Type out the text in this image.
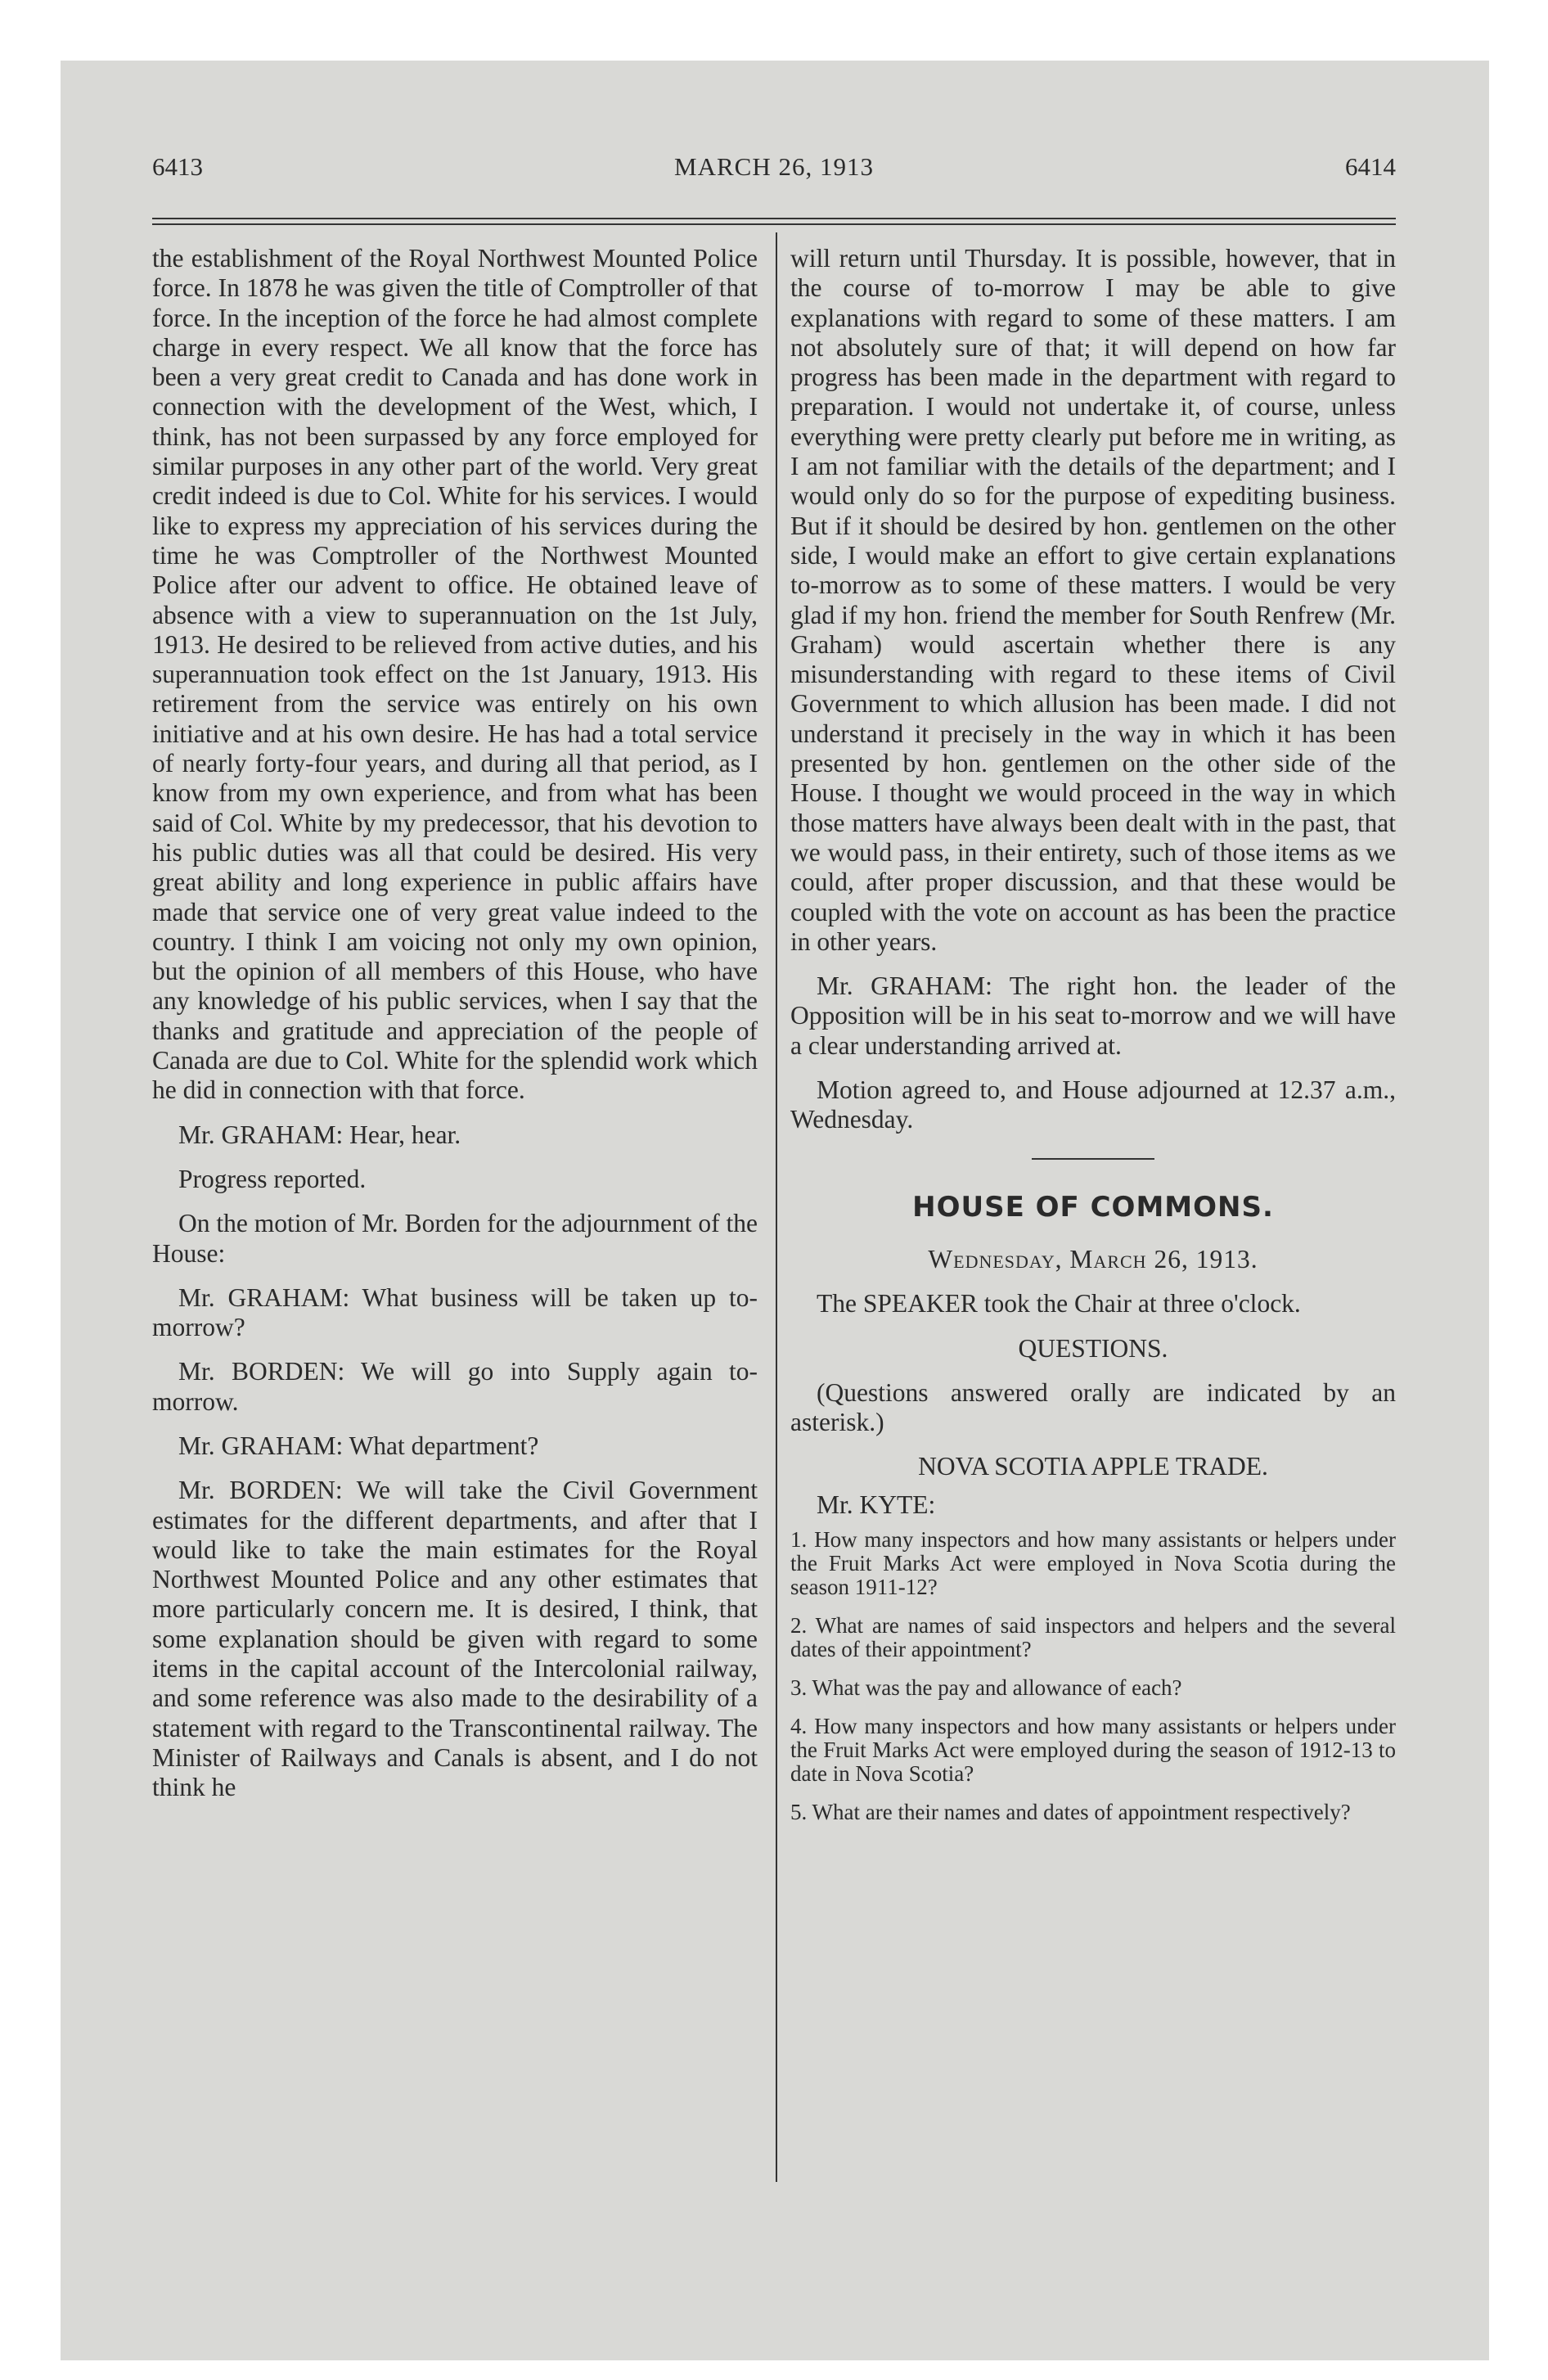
6413	MARCH 26, 1913	6414

the establishment of the Royal Northwest Mounted Police force. In 1878 he was given the title of Comptroller of that force. In the inception of the force he had almost complete charge in every respect. We all know that the force has been a very great credit to Canada and has done work in connection with the development of the West, which, I think, has not been surpassed by any force employed for similar purposes in any other part of the world. Very great credit indeed is due to Col. White for his services. I would like to express my appreciation of his services during the time he was Comptroller of the Northwest Mounted Police after our advent to office. He obtained leave of absence with a view to superannuation on the 1st July, 1913. He desired to be relieved from active duties, and his superannuation took effect on the 1st January, 1913. His retirement from the service was entirely on his own initiative and at his own desire. He has had a total service of nearly forty-four years, and during all that period, as I know from my own experience, and from what has been said of Col. White by my predecessor, that his devotion to his public duties was all that could be desired. His very great ability and long experience in public affairs have made that service one of very great value indeed to the country. I think I am voicing not only my own opinion, but the opinion of all members of this House, who have any knowledge of his public services, when I say that the thanks and gratitude and appreciation of the people of Canada are due to Col. White for the splendid work which he did in connection with that force.

Mr. GRAHAM: Hear, hear.

Progress reported.

On the motion of Mr. Borden for the adjournment of the House:

Mr. GRAHAM: What business will be taken up to-morrow?

Mr. BORDEN: We will go into Supply again to-morrow.

Mr. GRAHAM: What department?

Mr. BORDEN: We will take the Civil Government estimates for the different departments, and after that I would like to take the main estimates for the Royal Northwest Mounted Police and any other estimates that more particularly concern me. It is desired, I think, that some explanation should be given with regard to some items in the capital account of the Intercolonial railway, and some reference was also made to the desirability of a statement with regard to the Transcontinental railway. The Minister of Railways and Canals is absent, and I do not think he

will return until Thursday. It is possible, however, that in the course of to-morrow I may be able to give explanations with regard to some of these matters. I am not absolutely sure of that; it will depend on how far progress has been made in the department with regard to preparation. I would not undertake it, of course, unless everything were pretty clearly put before me in writing, as I am not familiar with the details of the department; and I would only do so for the purpose of expediting business. But if it should be desired by hon. gentlemen on the other side, I would make an effort to give certain explanations to-morrow as to some of these matters. I would be very glad if my hon. friend the member for South Renfrew (Mr. Graham) would ascertain whether there is any misunderstanding with regard to these items of Civil Government to which allusion has been made. I did not understand it precisely in the way in which it has been presented by hon. gentlemen on the other side of the House. I thought we would proceed in the way in which those matters have always been dealt with in the past, that we would pass, in their entirety, such of those items as we could, after proper discussion, and that these would be coupled with the vote on account as has been the practice in other years.

Mr. GRAHAM: The right hon. the leader of the Opposition will be in his seat to-morrow and we will have a clear understanding arrived at.

Motion agreed to, and House adjourned at 12.37 a.m., Wednesday.

HOUSE OF COMMONS.

Wednesday, March 26, 1913.

The SPEAKER took the Chair at three o'clock.

QUESTIONS.

(Questions answered orally are indicated by an asterisk.)

NOVA SCOTIA APPLE TRADE.

Mr. KYTE:

1. How many inspectors and how many assistants or helpers under the Fruit Marks Act were employed in Nova Scotia during the season 1911-12?

2. What are names of said inspectors and helpers and the several dates of their appointment?

3. What was the pay and allowance of each?

4. How many inspectors and how many assistants or helpers under the Fruit Marks Act were employed during the season of 1912-13 to date in Nova Scotia?

5. What are their names and dates of appointment respectively?
